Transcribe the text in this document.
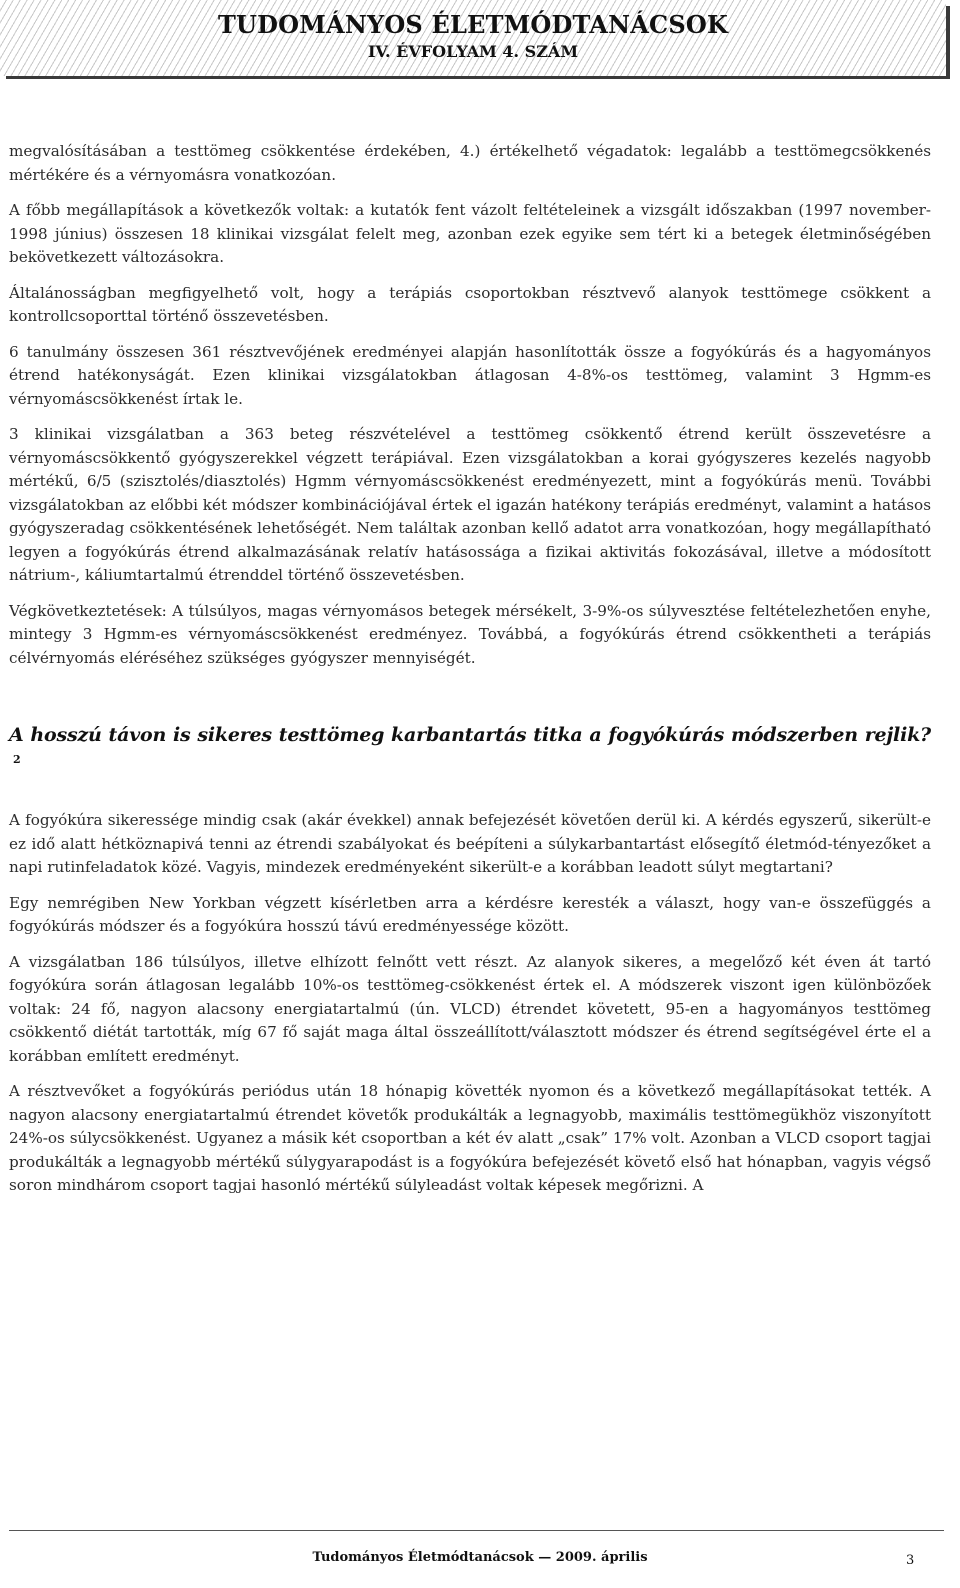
TUDOMÁNYOS ÉLETMÓDTANÁCSOK
IV. ÉVFOLYAM 4. SZÁM

megvalósításában a testtömeg csökkentése érdekében, 4.) értékelhető végadatok: legalább a testtömegcsökkenés mértékére és a vérnyomásra vonatkozóan.

A főbb megállapítások a következők voltak: a kutatók fent vázolt feltételeinek a vizsgált időszakban (1997 november-1998 június) összesen 18 klinikai vizsgálat felelt meg, azonban ezek egyike sem tért ki a betegek életminőségében bekövetkezett változásokra.

Általánosságban megfigyelhető volt, hogy a terápiás csoportokban résztvevő alanyok testtömege csökkent a kontrollcsoporttal történő összevetésben.

6 tanulmány összesen 361 résztvevőjének eredményei alapján hasonlították össze a fogyókúrás és a hagyományos étrend hatékonyságát. Ezen klinikai vizsgálatokban átlagosan 4-8%-os testtömeg, valamint 3 Hgmm-es vérnyomáscsökkenést írtak le.

3 klinikai vizsgálatban a 363 beteg részvételével a testtömeg csökkentő étrend került összevetésre a vérnyomáscsökkentő gyógyszerekkel végzett terápiával. Ezen vizsgálatokban a korai gyógyszeres kezelés nagyobb mértékű, 6/5 (szisztolés/diasztolés) Hgmm vérnyomáscsökkenést eredményezett, mint a fogyókúrás menü. További vizsgálatokban az előbbi két módszer kombinációjával értek el igazán hatékony terápiás eredményt, valamint a hatásos gyógyszeradag csökkentésének lehetőségét. Nem találtak azonban kellő adatot arra vonatkozóan, hogy megállapítható legyen a fogyókúrás étrend alkalmazásának relatív hatásossága a fizikai aktivitás fokozásával, illetve a módosított nátrium-, káliumtartalmú étrenddel történő összevetésben.

Végkövetkeztetések: A túlsúlyos, magas vérnyomásos betegek mérsékelt, 3-9%-os súlyvesztése feltételezhetően enyhe, mintegy 3 Hgmm-es vérnyomáscsökkenést eredményez. Továbbá, a fogyókúrás étrend csökkentheti a terápiás célvérnyomás eléréséhez szükséges gyógyszer mennyiségét.

A hosszú távon is sikeres testtömeg karbantartás titka a fogyókúrás módszerben rejlik?$^2$

A fogyókúra sikeressége mindig csak (akár évekkel) annak befejezését követően derül ki. A kérdés egyszerű, sikerült-e ez idő alatt hétköznapivá tenni az étrendi szabályokat és beépíteni a súlykarbantartást elősegítő életmód-tényezőket a napi rutinfeladatok közé. Vagyis, mindezek eredményeként sikerült-e a korábban leadott súlyt megtartani?

Egy nemrégiben New Yorkban végzett kísérletben arra a kérdésre keresték a választ, hogy van-e összefüggés a fogyókúrás módszer és a fogyókúra hosszú távú eredményessége között.

A vizsgálatban 186 túlsúlyos, illetve elhízott felnőtt vett részt. Az alanyok sikeres, a megelőző két éven át tartó fogyókúra során átlagosan legalább 10%-os testtömeg-csökkenést értek el. A módszerek viszont igen különbözőek voltak: 24 fő, nagyon alacsony energiatartalmú (ún. VLCD) étrendet követett, 95-en a hagyományos testtömeg csökkentő diétát tartották, míg 67 fő saját maga által összeállított/választott módszer és étrend segítségével érte el a korábban említett eredményt.

A résztvevőket a fogyókúrás periódus után 18 hónapig követték nyomon és a következő megállapításokat tették. A nagyon alacsony energiatartalmú étrendet követők produkálták a legnagyobb, maximális testtömegükhöz viszonyított 24%-os súlycsökkenést. Ugyanez a másik két csoportban a két év alatt „csak” 17% volt. Azonban a VLCD csoport tagjai produkálták a legnagyobb mértékű súlygyarapodást is a fogyókúra befejezését követő első hat hónapban, vagyis végső soron mindhárom csoport tagjai hasonló mértékű súlyleadást voltak képesek megőrizni. A

Tudományos Életmódtanácsok — 2009. április	3
